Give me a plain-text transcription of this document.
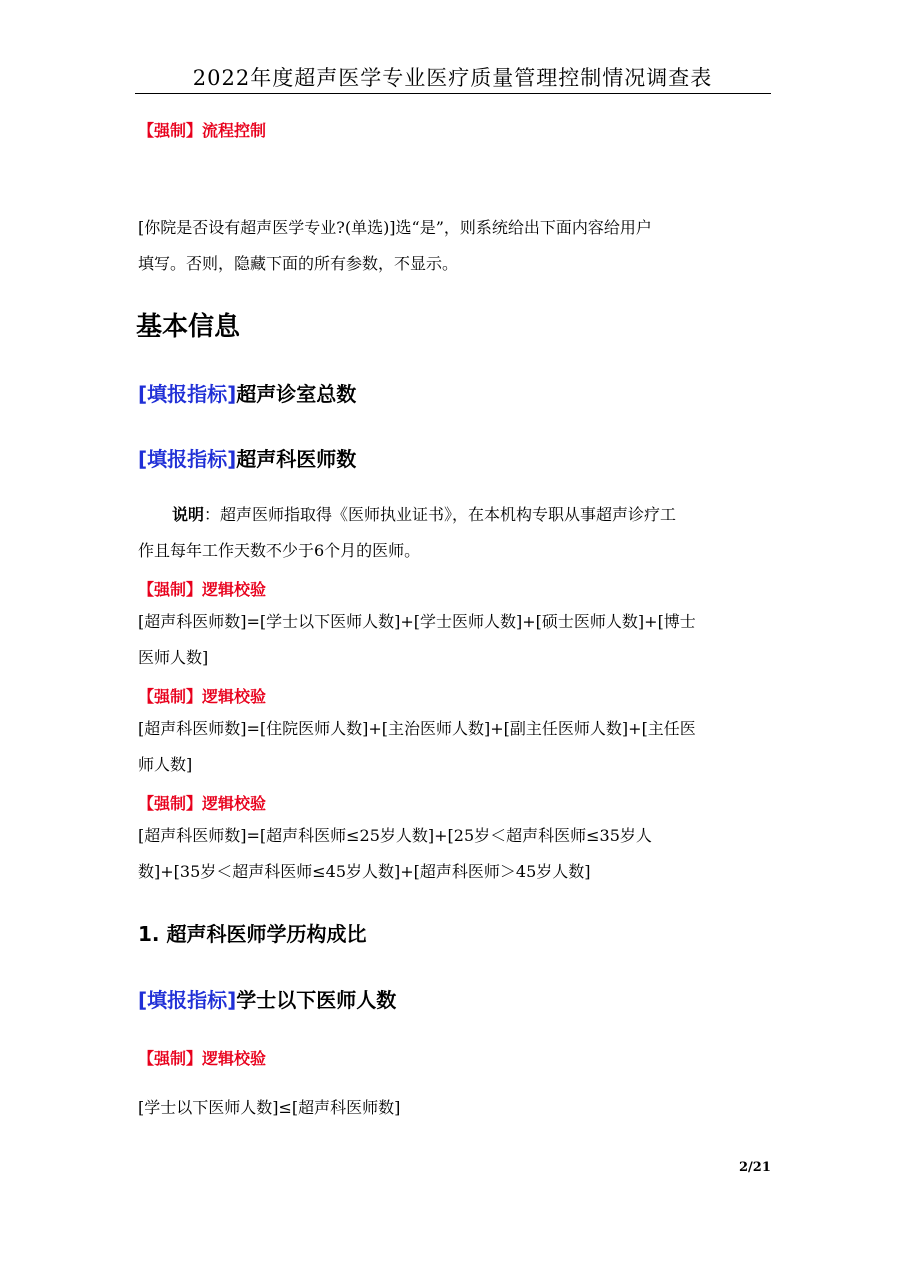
2022年度超声医学专业医疗质量管理控制情况调查表
【强制】流程控制
[你院是否设有超声医学专业?(单选)]选“是”，则系统给出下面内容给用户
填写。否则，隐藏下面的所有参数，不显示。
基本信息
[填报指标]超声诊室总数
[填报指标]超声科医师数
说明：超声医师指取得《医师执业证书》，在本机构专职从事超声诊疗工
作且每年工作天数不少于6个月的医师。
【强制】逻辑校验
[超声科医师数]=[学士以下医师人数]+[学士医师人数]+[硕士医师人数]+[博士
医师人数]
【强制】逻辑校验
[超声科医师数]=[住院医师人数]+[主治医师人数]+[副主任医师人数]+[主任医
师人数]
【强制】逻辑校验
[超声科医师数]=[超声科医师≤25岁人数]+[25岁＜超声科医师≤35岁人
数]+[35岁＜超声科医师≤45岁人数]+[超声科医师＞45岁人数]
1. 超声科医师学历构成比
[填报指标]学士以下医师人数
【强制】逻辑校验
[学士以下医师人数]≤[超声科医师数]
2/21
